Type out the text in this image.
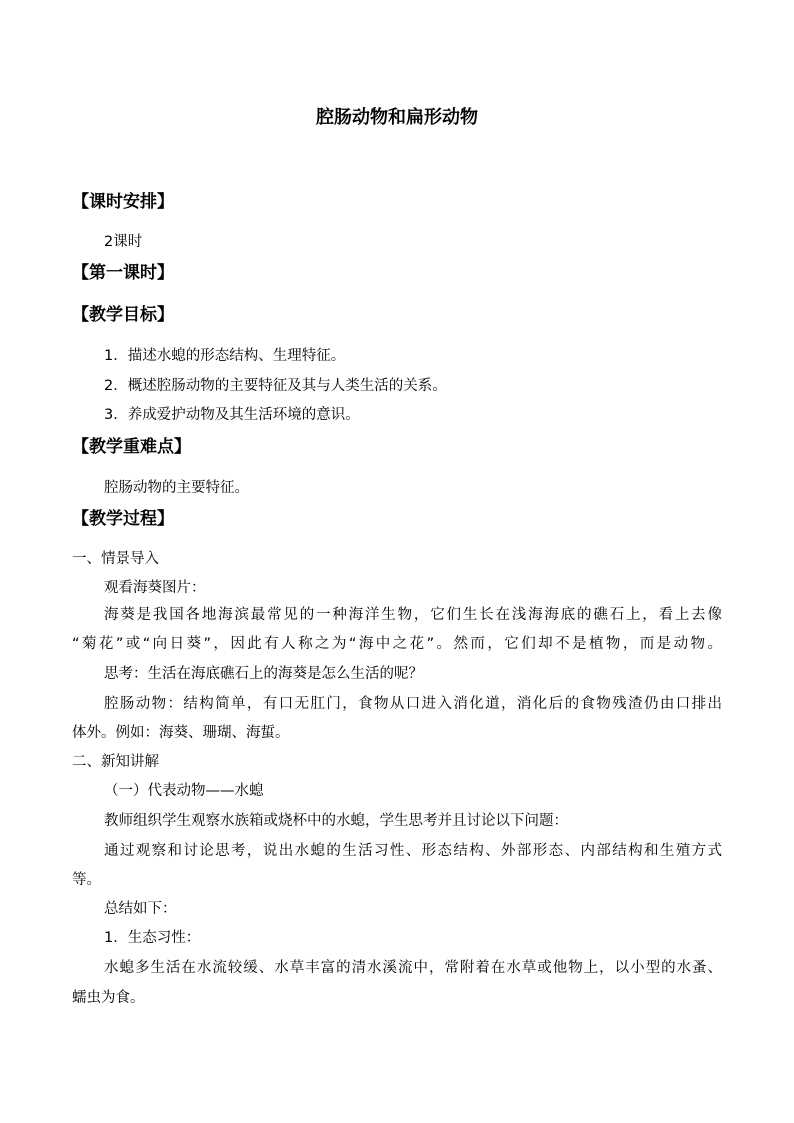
腔肠动物和扁形动物
【课时安排】
2课时
【第一课时】
【教学目标】
1．描述水螅的形态结构、生理特征。
2．概述腔肠动物的主要特征及其与人类生活的关系。
3．养成爱护动物及其生活环境的意识。
【教学重难点】
腔肠动物的主要特征。
【教学过程】
一、情景导入
观看海葵图片：
海葵是我国各地海滨最常见的一种海洋生物，它们生长在浅海海底的礁石上，看上去像
“菊花”或“向日葵”，因此有人称之为“海中之花”。然而，它们却不是植物，而是动物。
思考：生活在海底礁石上的海葵是怎么生活的呢？
腔肠动物：结构简单，有口无肛门，食物从口进入消化道，消化后的食物残渣仍由口排出
体外。例如：海葵、珊瑚、海蜇。
二、新知讲解
（一）代表动物——水螅
教师组织学生观察水族箱或烧杯中的水螅，学生思考并且讨论以下问题：
通过观察和讨论思考，说出水螅的生活习性、形态结构、外部形态、内部结构和生殖方式
等。
总结如下：
1．生态习性：
水螅多生活在水流较缓、水草丰富的清水溪流中，常附着在水草或他物上，以小型的水蚤、
蠕虫为食。
